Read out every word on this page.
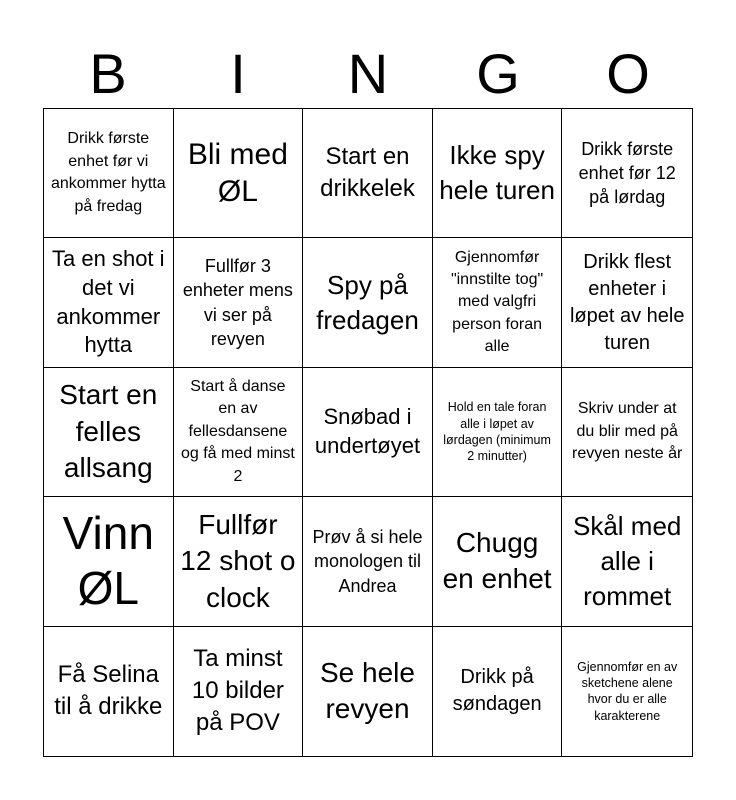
B	I	N	G	O
Drikk første enhet før vi ankommer hytta på fredag
Bli med ØL
Start en drikkelek
Ikke spy hele turen
Drikk første enhet før 12 på lørdag
Ta en shot i det vi ankommer hytta
Fullfør 3 enheter mens vi ser på revyen
Spy på fredagen
Gjennomfør "innstilte tog" med valgfri person foran alle
Drikk flest enheter i løpet av hele turen
Start en felles allsang
Start å danse en av fellesdansene og få med minst 2
Snøbad i undertøyet
Hold en tale foran alle i løpet av lørdagen (minimum 2 minutter)
Skriv under at du blir med på revyen neste år
Vinn ØL
Fullfør 12 shot o clock
Prøv å si hele monologen til Andrea
Chugg en enhet
Skål med alle i rommet
Få Selina til å drikke
Ta minst 10 bilder på POV
Se hele revyen
Drikk på søndagen
Gjennomfør en av sketchene alene hvor du er alle karakterene
